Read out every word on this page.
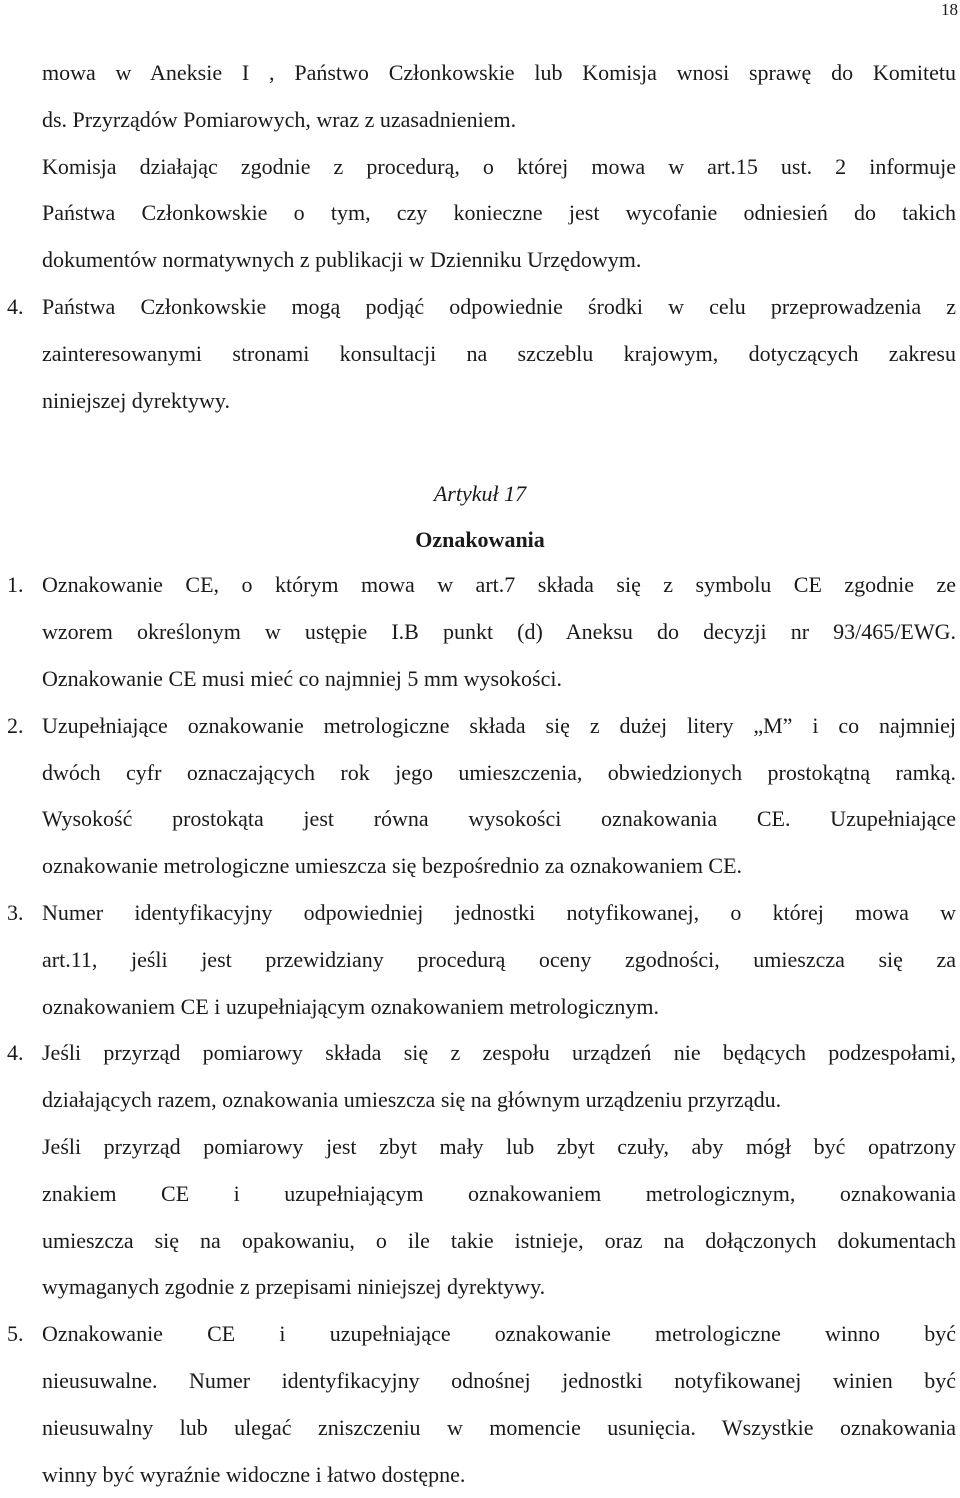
18
mowa w Aneksie I , Państwo Członkowskie lub Komisja wnosi sprawę do Komitetu
ds. Przyrządów Pomiarowych, wraz z uzasadnieniem.
Komisja działając zgodnie z procedurą, o której mowa w art.15 ust. 2 informuje
Państwa Członkowskie o tym, czy konieczne jest wycofanie odniesień do takich
dokumentów normatywnych z publikacji w Dzienniku Urzędowym.
4. Państwa Członkowskie mogą podjąć odpowiednie środki w celu przeprowadzenia z
zainteresowanymi stronami konsultacji na szczeblu krajowym, dotyczących zakresu
niniejszej dyrektywy.
Artykuł 17
Oznakowania
1. Oznakowanie CE, o którym mowa w art.7 składa się z symbolu CE zgodnie ze
wzorem określonym w ustępie I.B punkt (d) Aneksu do decyzji nr 93/465/EWG.
Oznakowanie CE musi mieć co najmniej 5 mm wysokości.
2. Uzupełniające oznakowanie metrologiczne składa się z dużej litery „M” i co najmniej
dwóch cyfr oznaczających rok jego umieszczenia, obwiedzionych prostokątną ramką.
Wysokość prostokąta jest równa wysokości oznakowania CE. Uzupełniające
oznakowanie metrologiczne umieszcza się bezpośrednio za oznakowaniem CE.
3. Numer identyfikacyjny odpowiedniej jednostki notyfikowanej, o której mowa w
art.11, jeśli jest przewidziany procedurą oceny zgodności, umieszcza się za
oznakowaniem CE i uzupełniającym oznakowaniem metrologicznym.
4. Jeśli przyrząd pomiarowy składa się z zespołu urządzeń nie będących podzespołami,
działających razem, oznakowania umieszcza się na głównym urządzeniu przyrządu.
Jeśli przyrząd pomiarowy jest zbyt mały lub zbyt czuły, aby mógł być opatrzony
znakiem CE i uzupełniającym oznakowaniem metrologicznym, oznakowania
umieszcza się na opakowaniu, o ile takie istnieje, oraz na dołączonych dokumentach
wymaganych zgodnie z przepisami niniejszej dyrektywy.
5. Oznakowanie CE i uzupełniające oznakowanie metrologiczne winno być
nieusuwalne. Numer identyfikacyjny odnośnej jednostki notyfikowanej winien być
nieusuwalny lub ulegać zniszczeniu w momencie usunięcia. Wszystkie oznakowania
winny być wyraźnie widoczne i łatwo dostępne.
